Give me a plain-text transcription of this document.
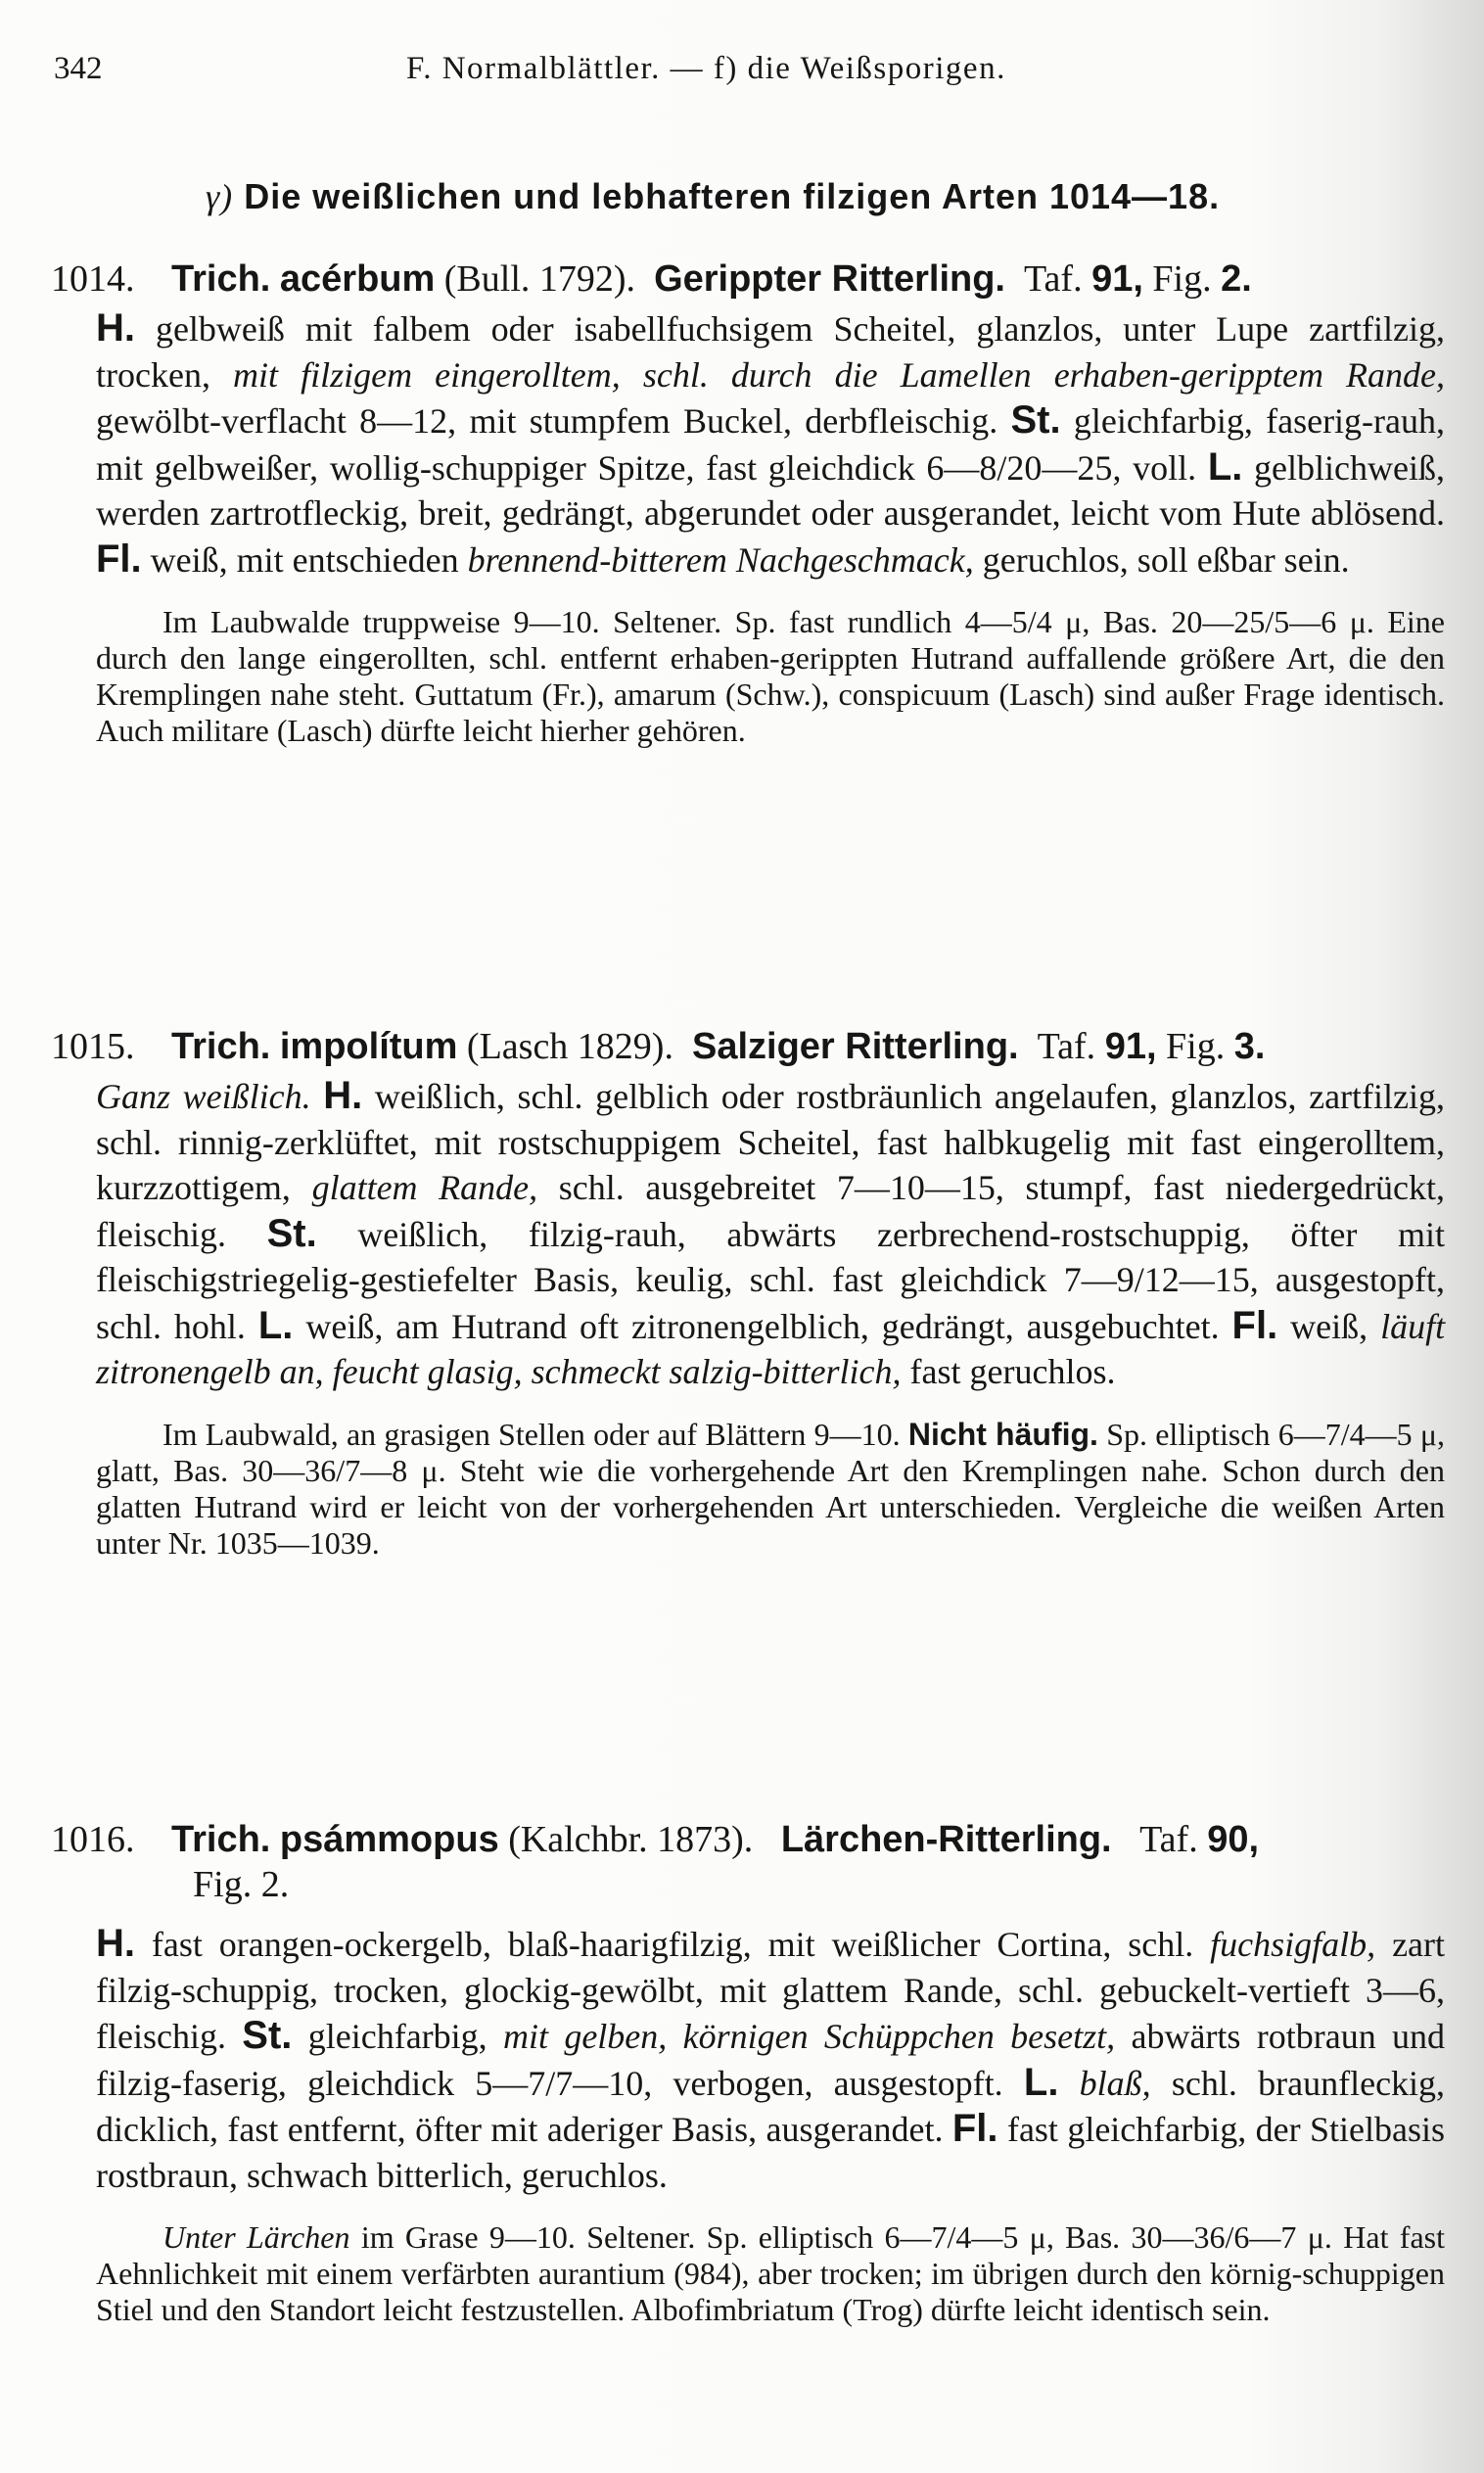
342	F. Normalblättler. — f) die Weißsporigen.
γ) Die weißlichen und lebhafteren filzigen Arten 1014—18.
1014. Trich. acérbum (Bull. 1792). Gerippter Ritterling. Taf. 91, Fig. 2.

H. gelbweiß mit falbem oder isabellfuchsigem Scheitel, glanzlos, unter Lupe zartfilzig, trocken, mit filzigem eingerolltem, schl. durch die Lamellen erhaben-geripptem Rande, gewölbt-verflacht 8—12, mit stumpfem Buckel, derbfleischig. St. gleichfarbig, faserig-rauh, mit gelbweißer, wollig-schuppiger Spitze, fast gleichdick 6—8/20—25, voll. L. gelblichweiß, werden zartrotfleckig, breit, gedrängt, abgerundet oder ausgerandet, leicht vom Hute ablösend. Fl. weiß, mit entschieden brennend-bitterem Nachgeschmack, geruchlos, soll eßbar sein.

Im Laubwalde truppweise 9—10. Seltener. Sp. fast rundlich 4—5/4 μ, Bas. 20—25/5—6 μ. Eine durch den lange eingerollten, schl. entfernt erhaben-gerippten Hutrand auffallende größere Art, die den Kremplingen nahe steht. Guttatum (Fr.), amarum (Schw.), conspicuum (Lasch) sind außer Frage identisch. Auch militare (Lasch) dürfte leicht hierher gehören.

1015. Trich. impolítum (Lasch 1829). Salziger Ritterling. Taf. 91, Fig. 3.

Ganz weißlich. H. weißlich, schl. gelblich oder rostbräunlich angelaufen, glanzlos, zartfilzig, schl. rinnig-zerklüftet, mit rostschuppigem Scheitel, fast halbkugelig mit fast eingerolltem, kurzzottigem, glattem Rande, schl. ausgebreitet 7—10—15, stumpf, fast niedergedrückt, fleischig. St. weißlich, filzig-rauh, abwärts zerbrechend-rostschuppig, öfter mit fleischigstriegelig-gestiefelter Basis, keulig, schl. fast gleichdick 7—9/12—15, ausgestopft, schl. hohl. L. weiß, am Hutrand oft zitronengelblich, gedrängt, ausgebuchtet. Fl. weiß, läuft zitronengelb an, feucht glasig, schmeckt salzig-bitterlich, fast geruchlos.

Im Laubwald, an grasigen Stellen oder auf Blättern 9—10. Nicht häufig. Sp. elliptisch 6—7/4—5 μ, glatt, Bas. 30—36/7—8 μ. Steht wie die vorhergehende Art den Kremplingen nahe. Schon durch den glatten Hutrand wird er leicht von der vorhergehenden Art unterschieden. Vergleiche die weißen Arten unter Nr. 1035—1039.

1016. Trich. psámmopus (Kalchbr. 1873). Lärchen-Ritterling. Taf. 90,
Fig. 2.

H. fast orangen-ockergelb, blaß-haarigfilzig, mit weißlicher Cortina, schl. fuchsigfalb, zart filzig-schuppig, trocken, glockig-gewölbt, mit glattem Rande, schl. gebuckelt-vertieft 3—6, fleischig. St. gleichfarbig, mit gelben, körnigen Schüppchen besetzt, abwärts rotbraun und filzig-faserig, gleichdick 5—7/7—10, verbogen, ausgestopft. L. blaß, schl. braunfleckig, dicklich, fast entfernt, öfter mit aderiger Basis, ausgerandet. Fl. fast gleichfarbig, der Stielbasis rostbraun, schwach bitterlich, geruchlos.

Unter Lärchen im Grase 9—10. Seltener. Sp. elliptisch 6—7/4—5 μ, Bas. 30—36/6—7 μ. Hat fast Aehnlichkeit mit einem verfärbten aurantium (984), aber trocken; im übrigen durch den körnig-schuppigen Stiel und den Standort leicht festzustellen. Albofimbriatum (Trog) dürfte leicht identisch sein.
